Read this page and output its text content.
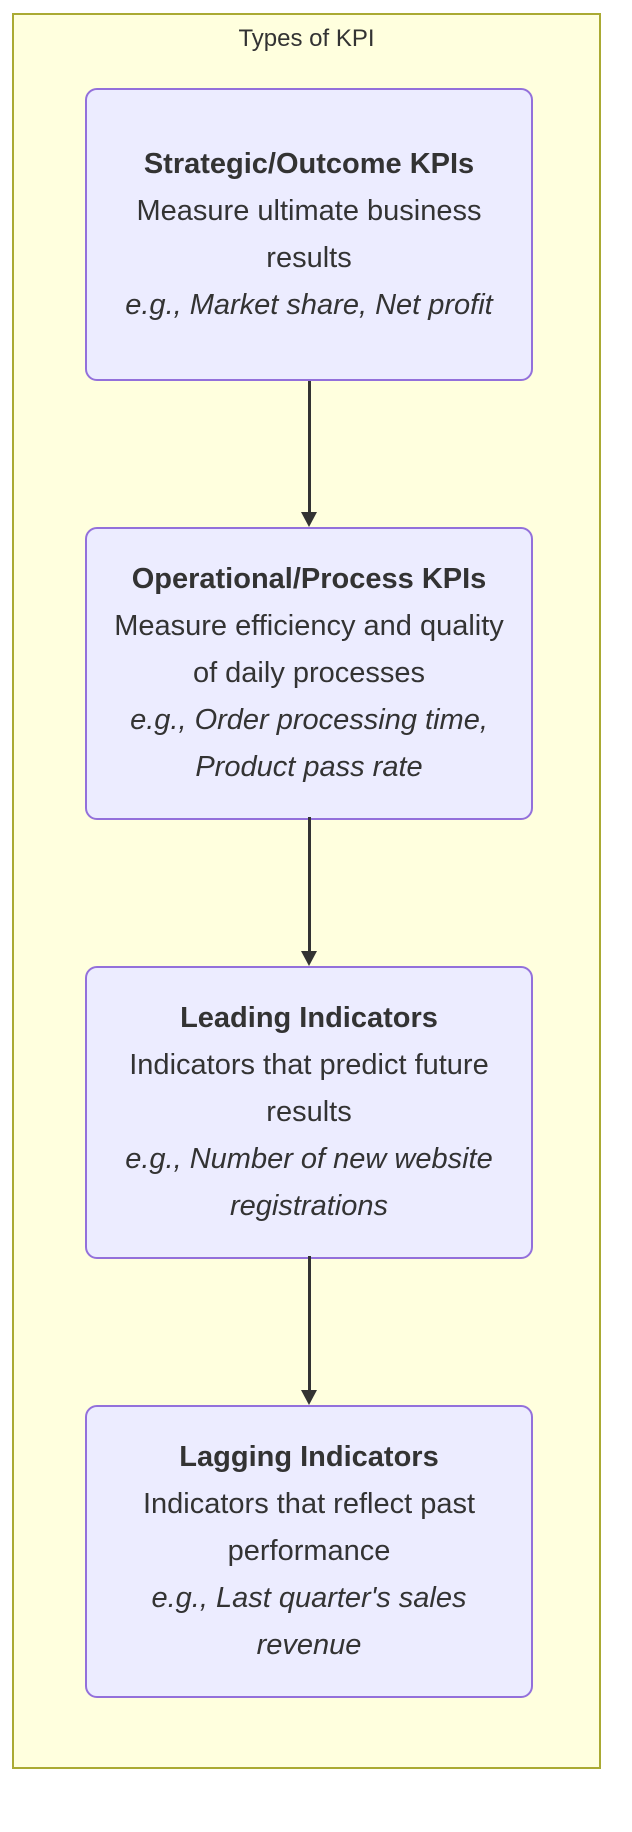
Types of KPI
Strategic/Outcome KPIs
Measure ultimate business results
e.g., Market share, Net profit
Operational/Process KPIs
Measure efficiency and quality of daily processes
e.g., Order processing time, Product pass rate
Leading Indicators
Indicators that predict future results
e.g., Number of new website registrations
Lagging Indicators
Indicators that reflect past performance
e.g., Last quarter's sales revenue
